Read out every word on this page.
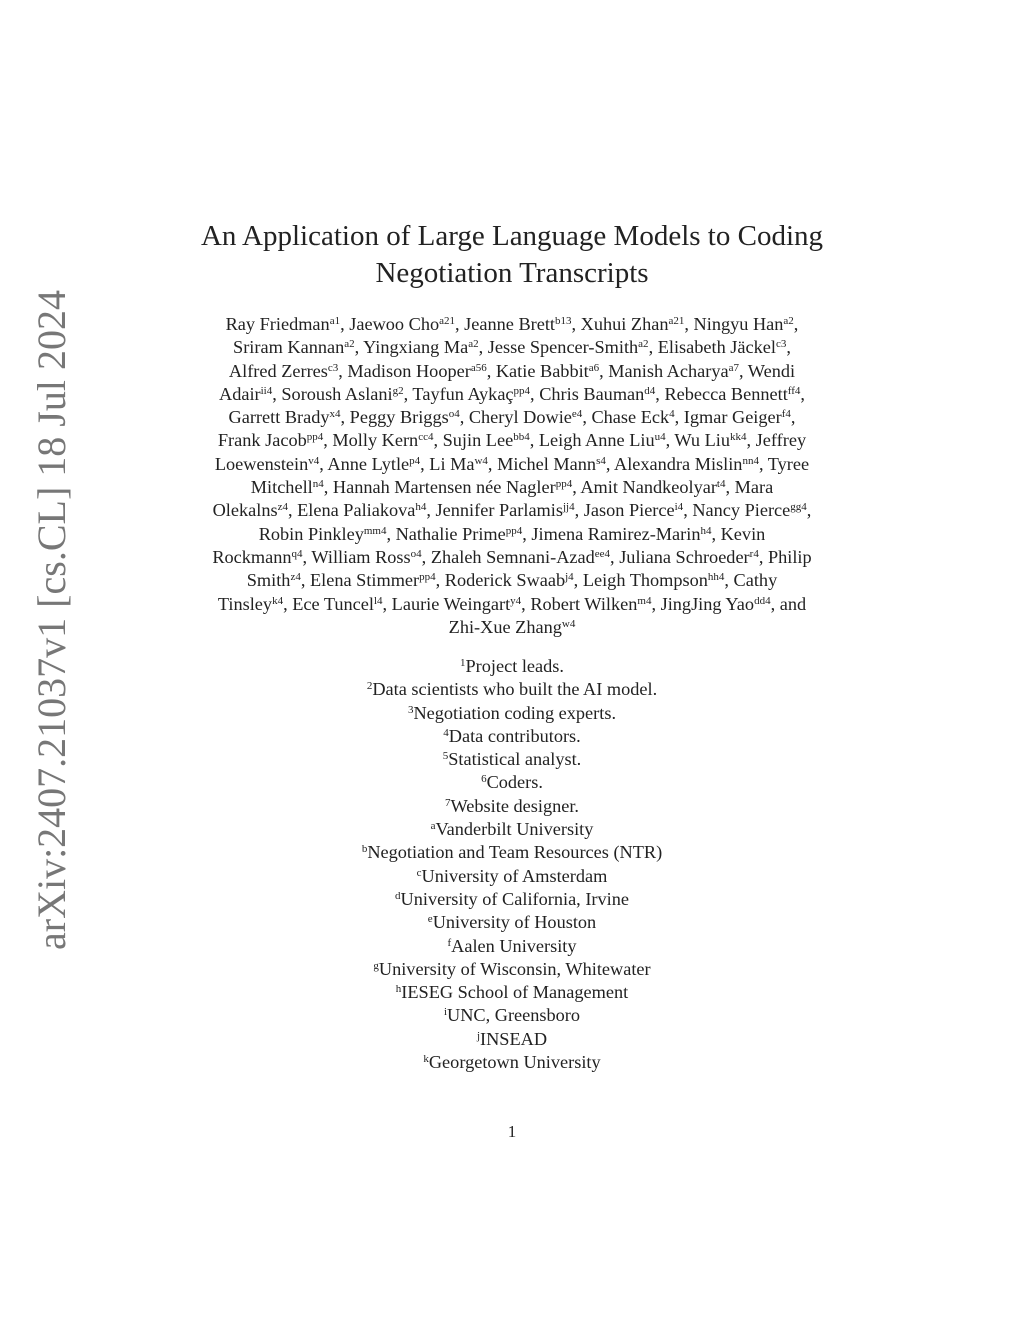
arXiv:2407.21037v1 [cs.CL] 18 Jul 2024
An Application of Large Language Models to Coding
Negotiation Transcripts
Ray Friedman$^{a1}$, Jaewoo Cho$^{a21}$, Jeanne Brett$^{b13}$, Xuhui Zhan$^{a21}$, Ningyu Han$^{a2}$,
Sriram Kannan$^{a2}$, Yingxiang $Ma^{a2}$, Jesse Spencer-Smith$^{a2}$, Elisabeth Jäckel$^{c3}$,
Alfred Zerres$^{c3}$, Madison Hooper$^{a56}$, Katie Babbit$^{a6}$, Manish Acharya$^{a7}$, Wendi
Adair$^{ii4}$, Soroush Aslani$^{g2}$, Tayfun Aykaç$^{pp4}$, Chris Bauman$^{d4}$, Rebecca Bennett$^{ff4}$,
Garrett Brady$^{x4}$, Peggy Briggs$^{o4}$, Cheryl Dowie$^{e4}$, Chase Eck$^4$, Igmar Geiger$^{f4}$,
Frank Jacob$^{pp4}$, Molly Kern$^{cc4}$, Sujin Lee$^{bb4}$, Leigh Anne Liu$^{u4}$, Wu Liu$^{kk4}$, Jeffrey
Loewenstein$^{v4}$, Anne Lytle$^{p4}$, Li $Ma^{w4}$, Michel Mann$^{s4}$, Alexandra Mislin$^{nn4}$, Tyree
Mitchell$^{n4}$, Hannah Martensen née Nagler$^{pp4}$, Amit Nandkeolyar$^{t4}$, Mara
Olekalns$^{z4}$, Elena Paliakova$^{h4}$, Jennifer Parlamis$^{jj4}$, Jason Pierce$^{i4}$, Nancy Pierce$^{gg4}$,
Robin Pinkley$^{mm4}$, Nathalie Prime$^{pp4}$, Jimena Ramirez-Marin$^{h4}$, Kevin
Rockmann$^{q4}$, William Ross$^{o4}$, Zhaleh Semnani-Azad$^{ee4}$, Juliana Schroeder$^{r4}$, Philip
Smith$^{z4}$, Elena Stimmer$^{pp4}$, Roderick Swaab$^{j4}$, Leigh Thompson$^{hh4}$, Cathy
Tinsley$^{k4}$, Ece Tuncel$^{l4}$, Laurie Weingart$^{y4}$, Robert Wilken$^{m4}$, JingJing Yao$^{dd4}$, and
Zhi-Xue Zhang$^{w4}$
$^1$Project leads.
$^2$Data scientists who built the AI model.
$^3$Negotiation coding experts.
$^4$Data contributors.
$^5$Statistical analyst.
$^6$Coders.
$^7$Website designer.
$^a$Vanderbilt University
$^b$Negotiation and Team Resources (NTR)
$^c$University of Amsterdam
$^d$University of California, Irvine
$^e$University of Houston
$^f$Aalen University
$^g$University of Wisconsin, Whitewater
$^h$IESEG School of Management
$^i$UNC, Greensboro
$^j$INSEAD
$^k$Georgetown University
1
